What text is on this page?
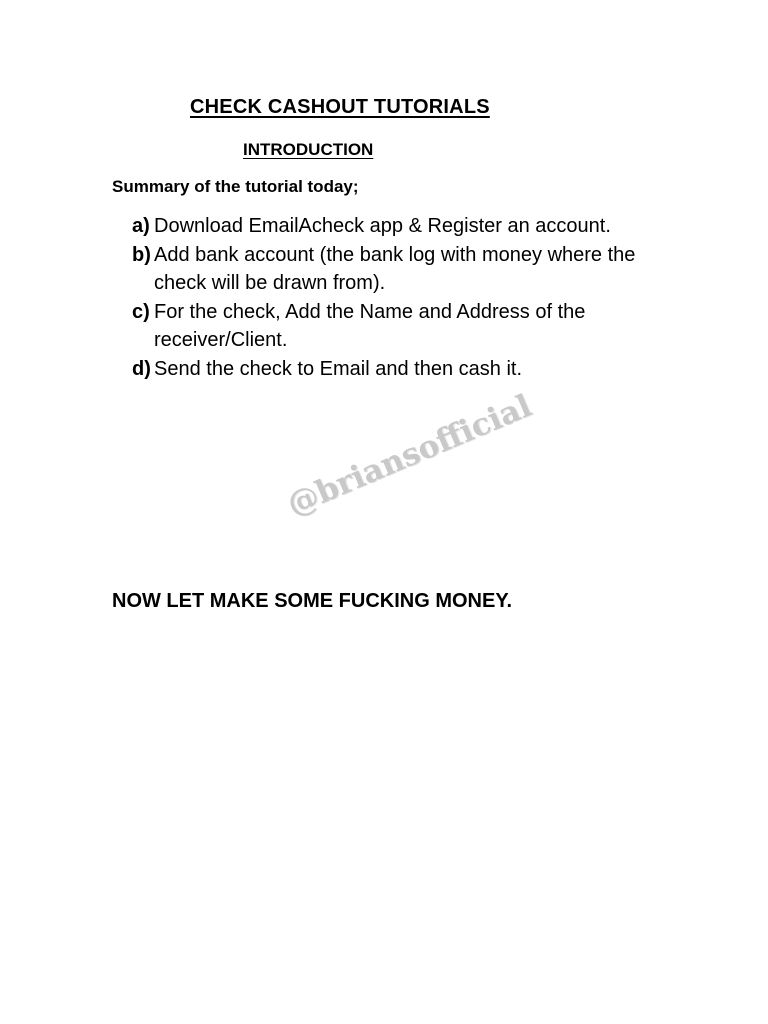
CHECK CASHOUT TUTORIALS
INTRODUCTION
Summary of the tutorial today;
a) Download EmailAcheck app & Register an account.
b) Add bank account (the bank log with money where the check will be drawn from).
c) For the check, Add the Name and Address of the receiver/Client.
d) Send the check to Email and then cash it.
@briansofficial
NOW LET MAKE SOME FUCKING MONEY.
